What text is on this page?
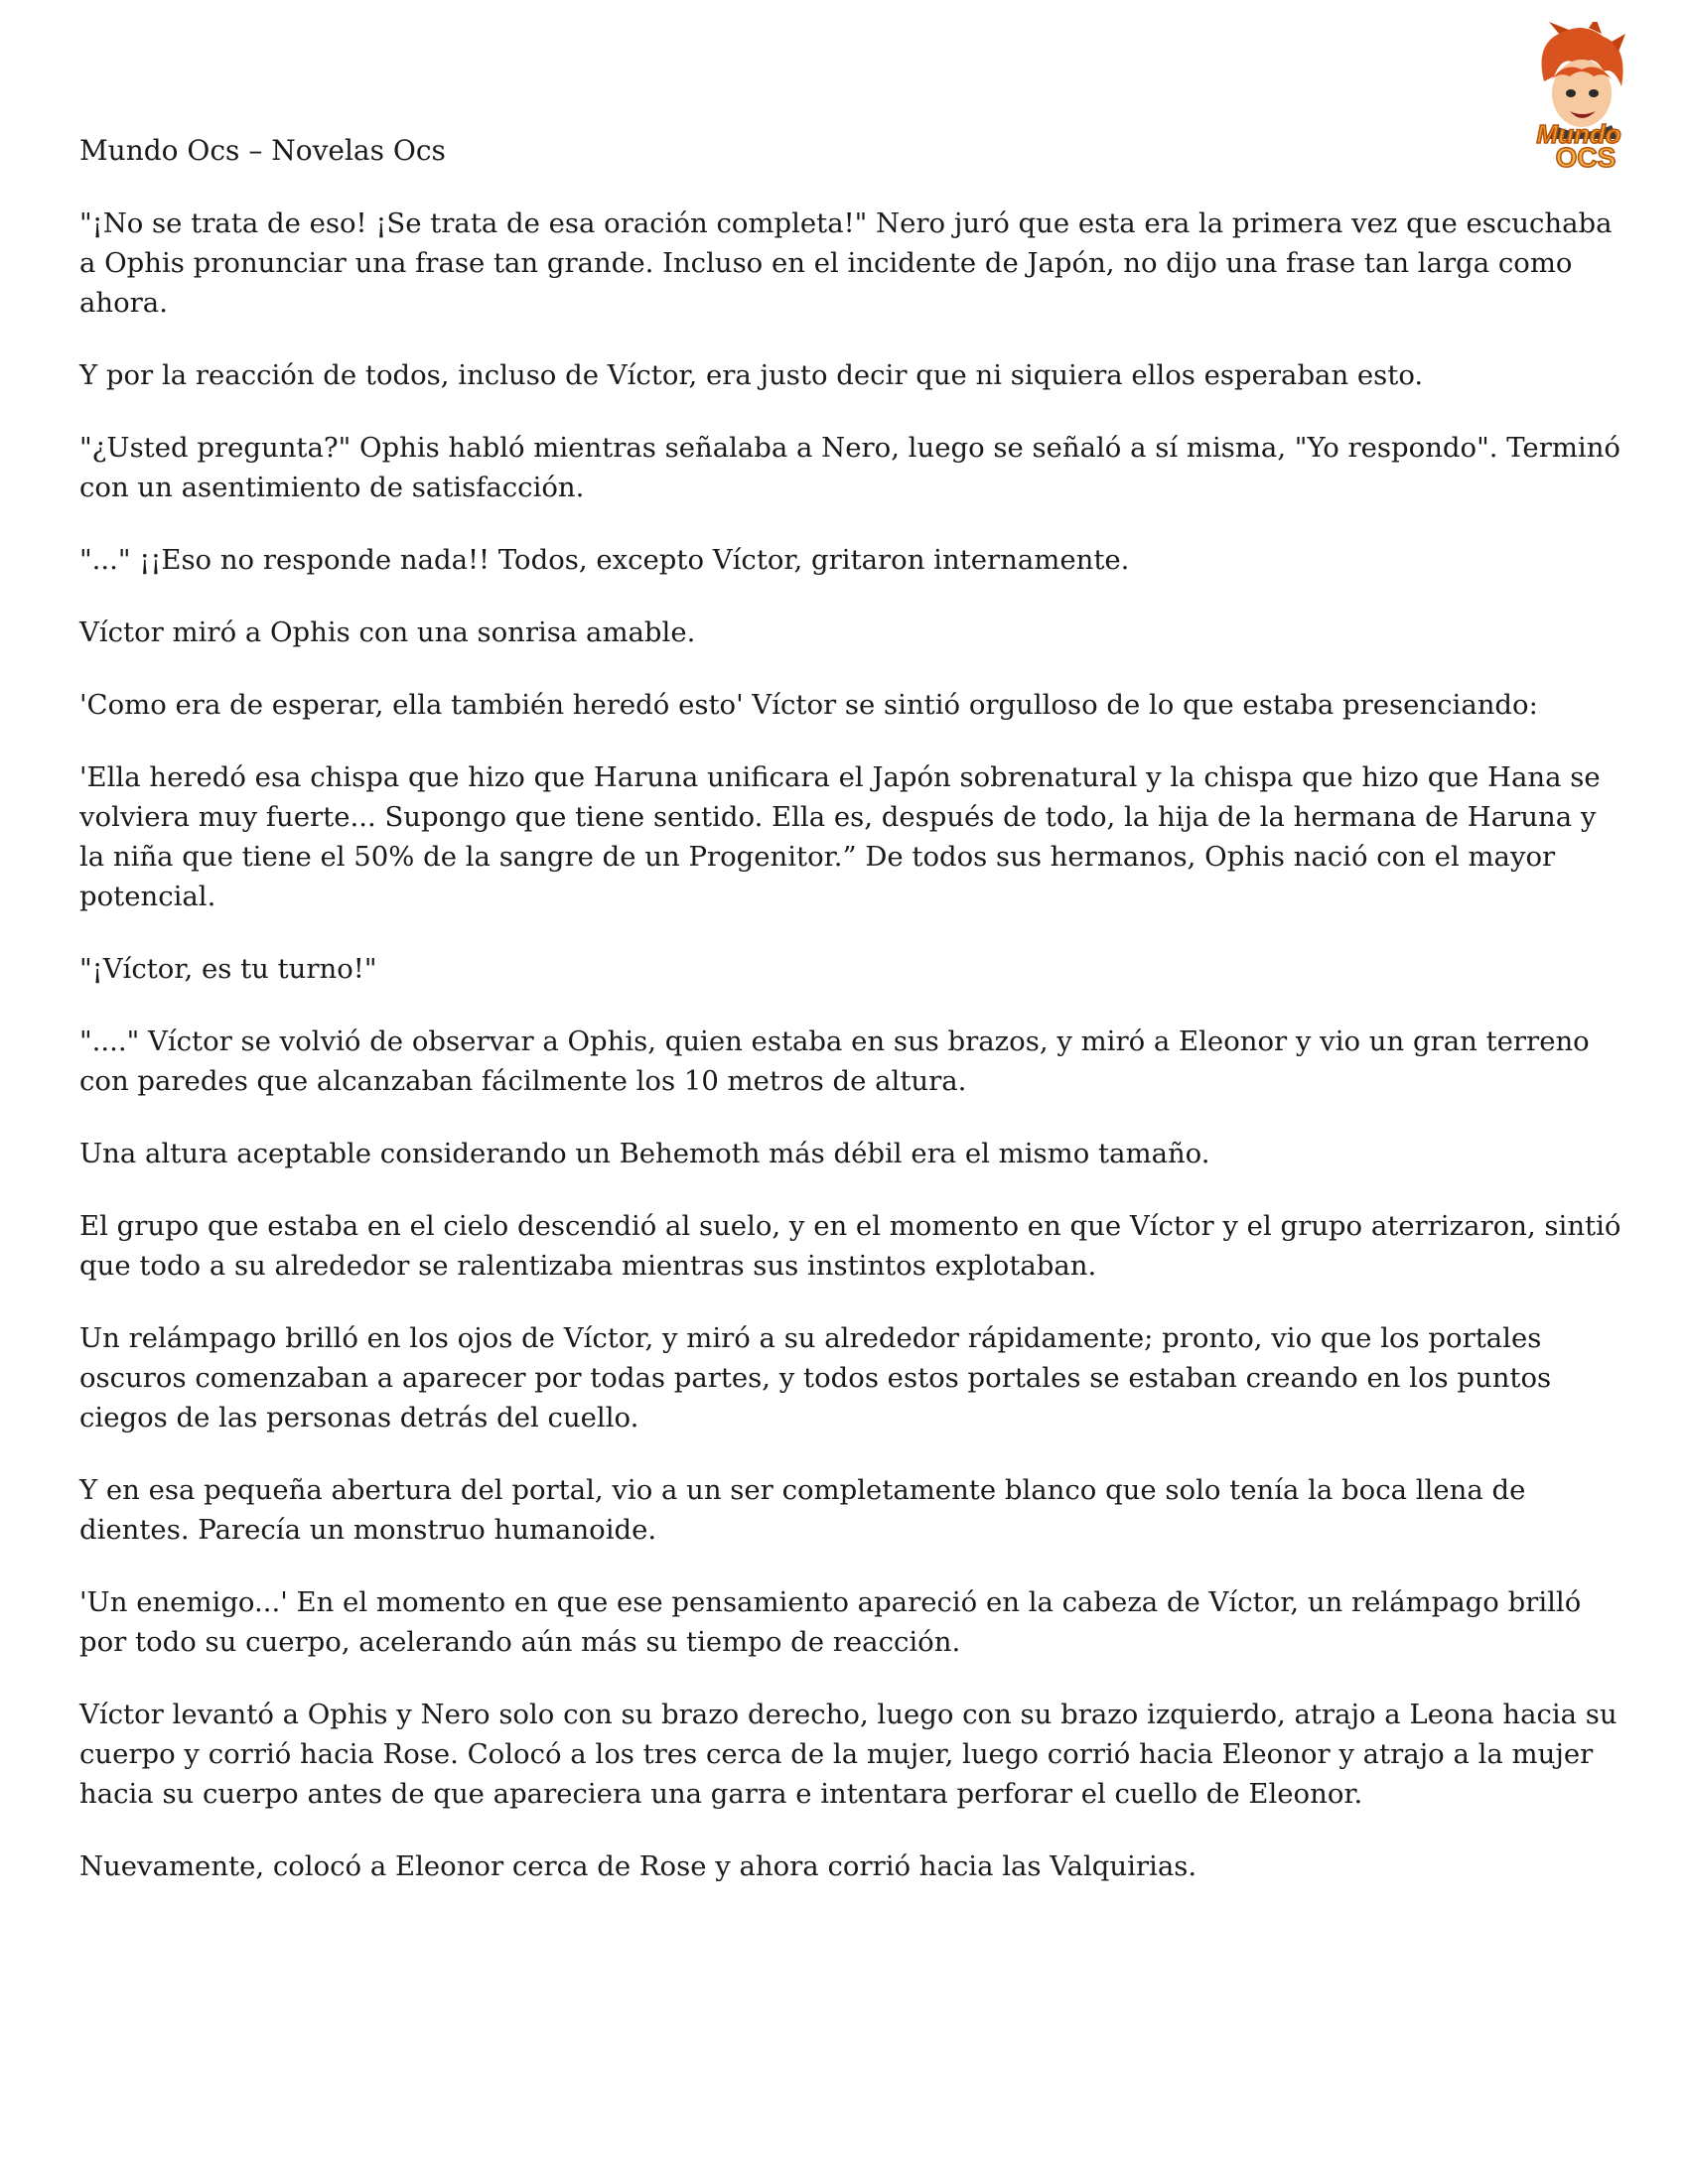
Mundo
OCS

Mundo Ocs – Novelas Ocs

"¡No se trata de eso! ¡Se trata de esa oración completa!" Nero juró que esta era la primera vez que escuchaba a Ophis pronunciar una frase tan grande. Incluso en el incidente de Japón, no dijo una frase tan larga como ahora.

Y por la reacción de todos, incluso de Víctor, era justo decir que ni siquiera ellos esperaban esto.

"¿Usted pregunta?" Ophis habló mientras señalaba a Nero, luego se señaló a sí misma, "Yo respondo". Terminó con un asentimiento de satisfacción.

"..." ¡¡Eso no responde nada!! Todos, excepto Víctor, gritaron internamente.

Víctor miró a Ophis con una sonrisa amable.

'Como era de esperar, ella también heredó esto' Víctor se sintió orgulloso de lo que estaba presenciando:

'Ella heredó esa chispa que hizo que Haruna unificara el Japón sobrenatural y la chispa que hizo que Hana se volviera muy fuerte... Supongo que tiene sentido. Ella es, después de todo, la hija de la hermana de Haruna y la niña que tiene el 50% de la sangre de un Progenitor.” De todos sus hermanos, Ophis nació con el mayor potencial.

"¡Víctor, es tu turno!"

"...." Víctor se volvió de observar a Ophis, quien estaba en sus brazos, y miró a Eleonor y vio un gran terreno con paredes que alcanzaban fácilmente los 10 metros de altura.

Una altura aceptable considerando un Behemoth más débil era el mismo tamaño.

El grupo que estaba en el cielo descendió al suelo, y en el momento en que Víctor y el grupo aterrizaron, sintió que todo a su alrededor se ralentizaba mientras sus instintos explotaban.

Un relámpago brilló en los ojos de Víctor, y miró a su alrededor rápidamente; pronto, vio que los portales oscuros comenzaban a aparecer por todas partes, y todos estos portales se estaban creando en los puntos ciegos de las personas detrás del cuello.

Y en esa pequeña abertura del portal, vio a un ser completamente blanco que solo tenía la boca llena de dientes. Parecía un monstruo humanoide.

'Un enemigo...' En el momento en que ese pensamiento apareció en la cabeza de Víctor, un relámpago brilló por todo su cuerpo, acelerando aún más su tiempo de reacción.

Víctor levantó a Ophis y Nero solo con su brazo derecho, luego con su brazo izquierdo, atrajo a Leona hacia su cuerpo y corrió hacia Rose. Colocó a los tres cerca de la mujer, luego corrió hacia Eleonor y atrajo a la mujer hacia su cuerpo antes de que apareciera una garra e intentara perforar el cuello de Eleonor.

Nuevamente, colocó a Eleonor cerca de Rose y ahora corrió hacia las Valquirias.
